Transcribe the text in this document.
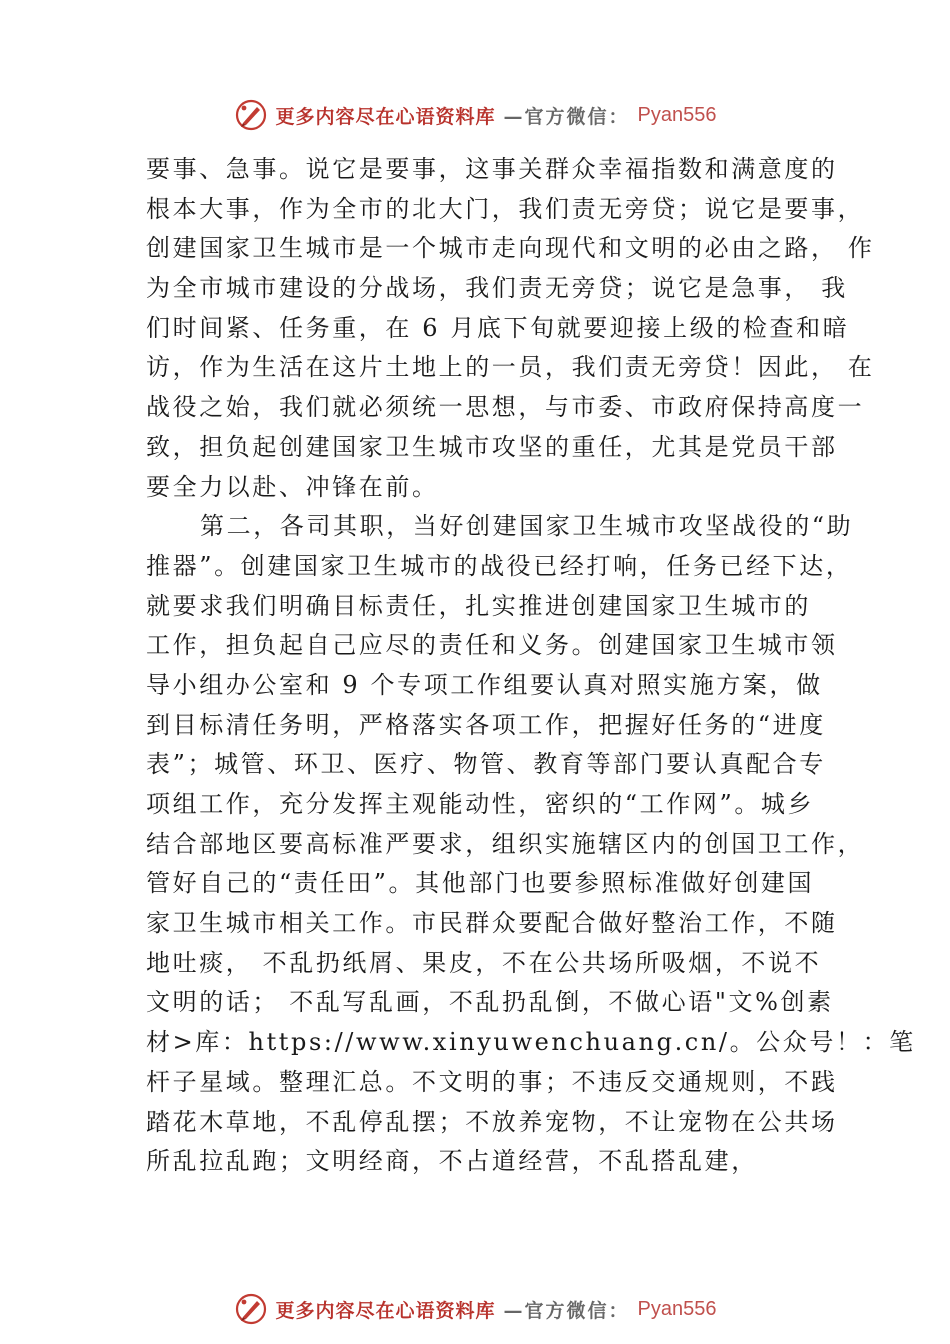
更多内容尽在心语资料库 —官方微信： Pyan556
要事、急事。说它是要事，这事关群众幸福指数和满意度的
根本大事，作为全市的北大门，我们责无旁贷；说它是要事，
创建国家卫生城市是一个城市走向现代和文明的必由之路， 作
为全市城市建设的分战场，我们责无旁贷；说它是急事， 我
们时间紧、任务重，在 6 月底下旬就要迎接上级的检查和暗
访，作为生活在这片土地上的一员，我们责无旁贷！因此， 在
战役之始，我们就必须统一思想，与市委、市政府保持高度一
致，担负起创建国家卫生城市攻坚的重任，尤其是党员干部
要全力以赴、冲锋在前。
第二，各司其职，当好创建国家卫生城市攻坚战役的“助
推器”。创建国家卫生城市的战役已经打响，任务已经下达，
就要求我们明确目标责任，扎实推进创建国家卫生城市的
工作，担负起自己应尽的责任和义务。创建国家卫生城市领
导小组办公室和 9 个专项工作组要认真对照实施方案，做
到目标清任务明，严格落实各项工作，把握好任务的“进度
表”；城管、环卫、医疗、物管、教育等部门要认真配合专
项组工作，充分发挥主观能动性，密织的“工作网”。城乡
结合部地区要高标准严要求，组织实施辖区内的创国卫工作，
管好自己的“责任田”。其他部门也要参照标准做好创建国
家卫生城市相关工作。市民群众要配合做好整治工作，不随
地吐痰， 不乱扔纸屑、果皮，不在公共场所吸烟，不说不
文明的话； 不乱写乱画，不乱扔乱倒，不做心语"文%创素
材>库：https://www.xinyuwenchuang.cn/。公众号！：笔
杆子星域。整理汇总。不文明的事；不违反交通规则，不践
踏花木草地，不乱停乱摆；不放养宠物，不让宠物在公共场
所乱拉乱跑；文明经商，不占道经营，不乱搭乱建，
更多内容尽在心语资料库 —官方微信： Pyan556
